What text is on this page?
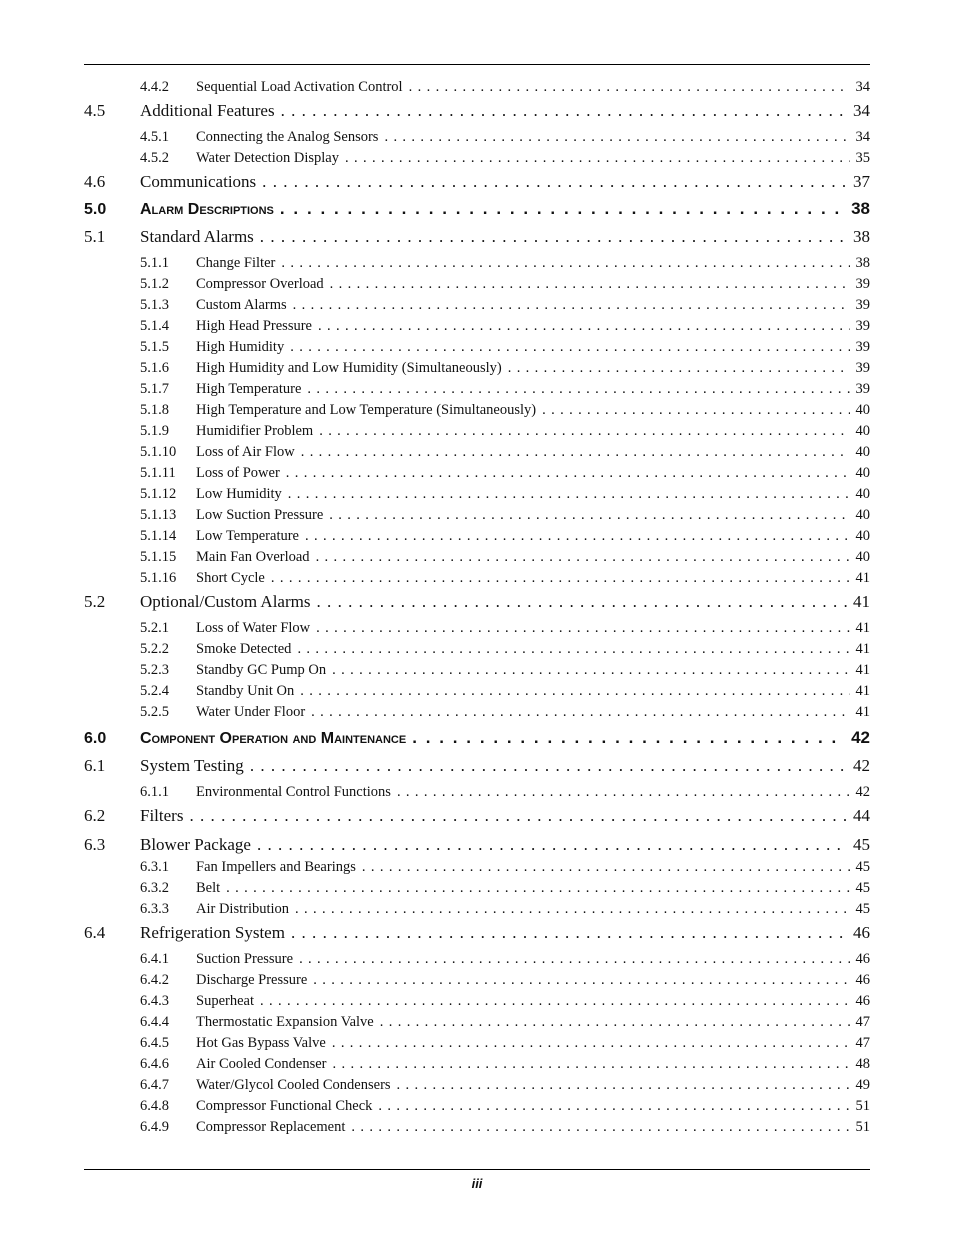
4.4.2	Sequential Load Activation Control . . .	34
4.5	Additional Features . . .	34
4.5.1	Connecting the Analog Sensors . . .	34
4.5.2	Water Detection Display . . .	35
4.6	Communications . . .	37
5.0	Alarm Descriptions . . .	38
5.1	Standard Alarms . . .	38
5.1.1	Change Filter . . .	38
5.1.2	Compressor Overload . . .	39
5.1.3	Custom Alarms . . .	39
5.1.4	High Head Pressure . . .	39
5.1.5	High Humidity . . .	39
5.1.6	High Humidity and Low Humidity (Simultaneously) . . .	39
5.1.7	High Temperature . . .	39
5.1.8	High Temperature and Low Temperature (Simultaneously) . . .	40
5.1.9	Humidifier Problem . . .	40
5.1.10	Loss of Air Flow . . .	40
5.1.11	Loss of Power . . .	40
5.1.12	Low Humidity . . .	40
5.1.13	Low Suction Pressure . . .	40
5.1.14	Low Temperature . . .	40
5.1.15	Main Fan Overload . . .	40
5.1.16	Short Cycle . . .	41
5.2	Optional/Custom Alarms . . .	41
5.2.1	Loss of Water Flow . . .	41
5.2.2	Smoke Detected . . .	41
5.2.3	Standby GC Pump On . . .	41
5.2.4	Standby Unit On . . .	41
5.2.5	Water Under Floor . . .	41
6.0	Component Operation and Maintenance . . .	42
6.1	System Testing . . .	42
6.1.1	Environmental Control Functions . . .	42
6.2	Filters . . .	44
6.3	Blower Package . . .	45
6.3.1	Fan Impellers and Bearings . . .	45
6.3.2	Belt . . .	45
6.3.3	Air Distribution . . .	45
6.4	Refrigeration System . . .	46
6.4.1	Suction Pressure . . .	46
6.4.2	Discharge Pressure . . .	46
6.4.3	Superheat . . .	46
6.4.4	Thermostatic Expansion Valve . . .	47
6.4.5	Hot Gas Bypass Valve . . .	47
6.4.6	Air Cooled Condenser . . .	48
6.4.7	Water/Glycol Cooled Condensers . . .	49
6.4.8	Compressor Functional Check . . .	51
6.4.9	Compressor Replacement . . .	51
iii
